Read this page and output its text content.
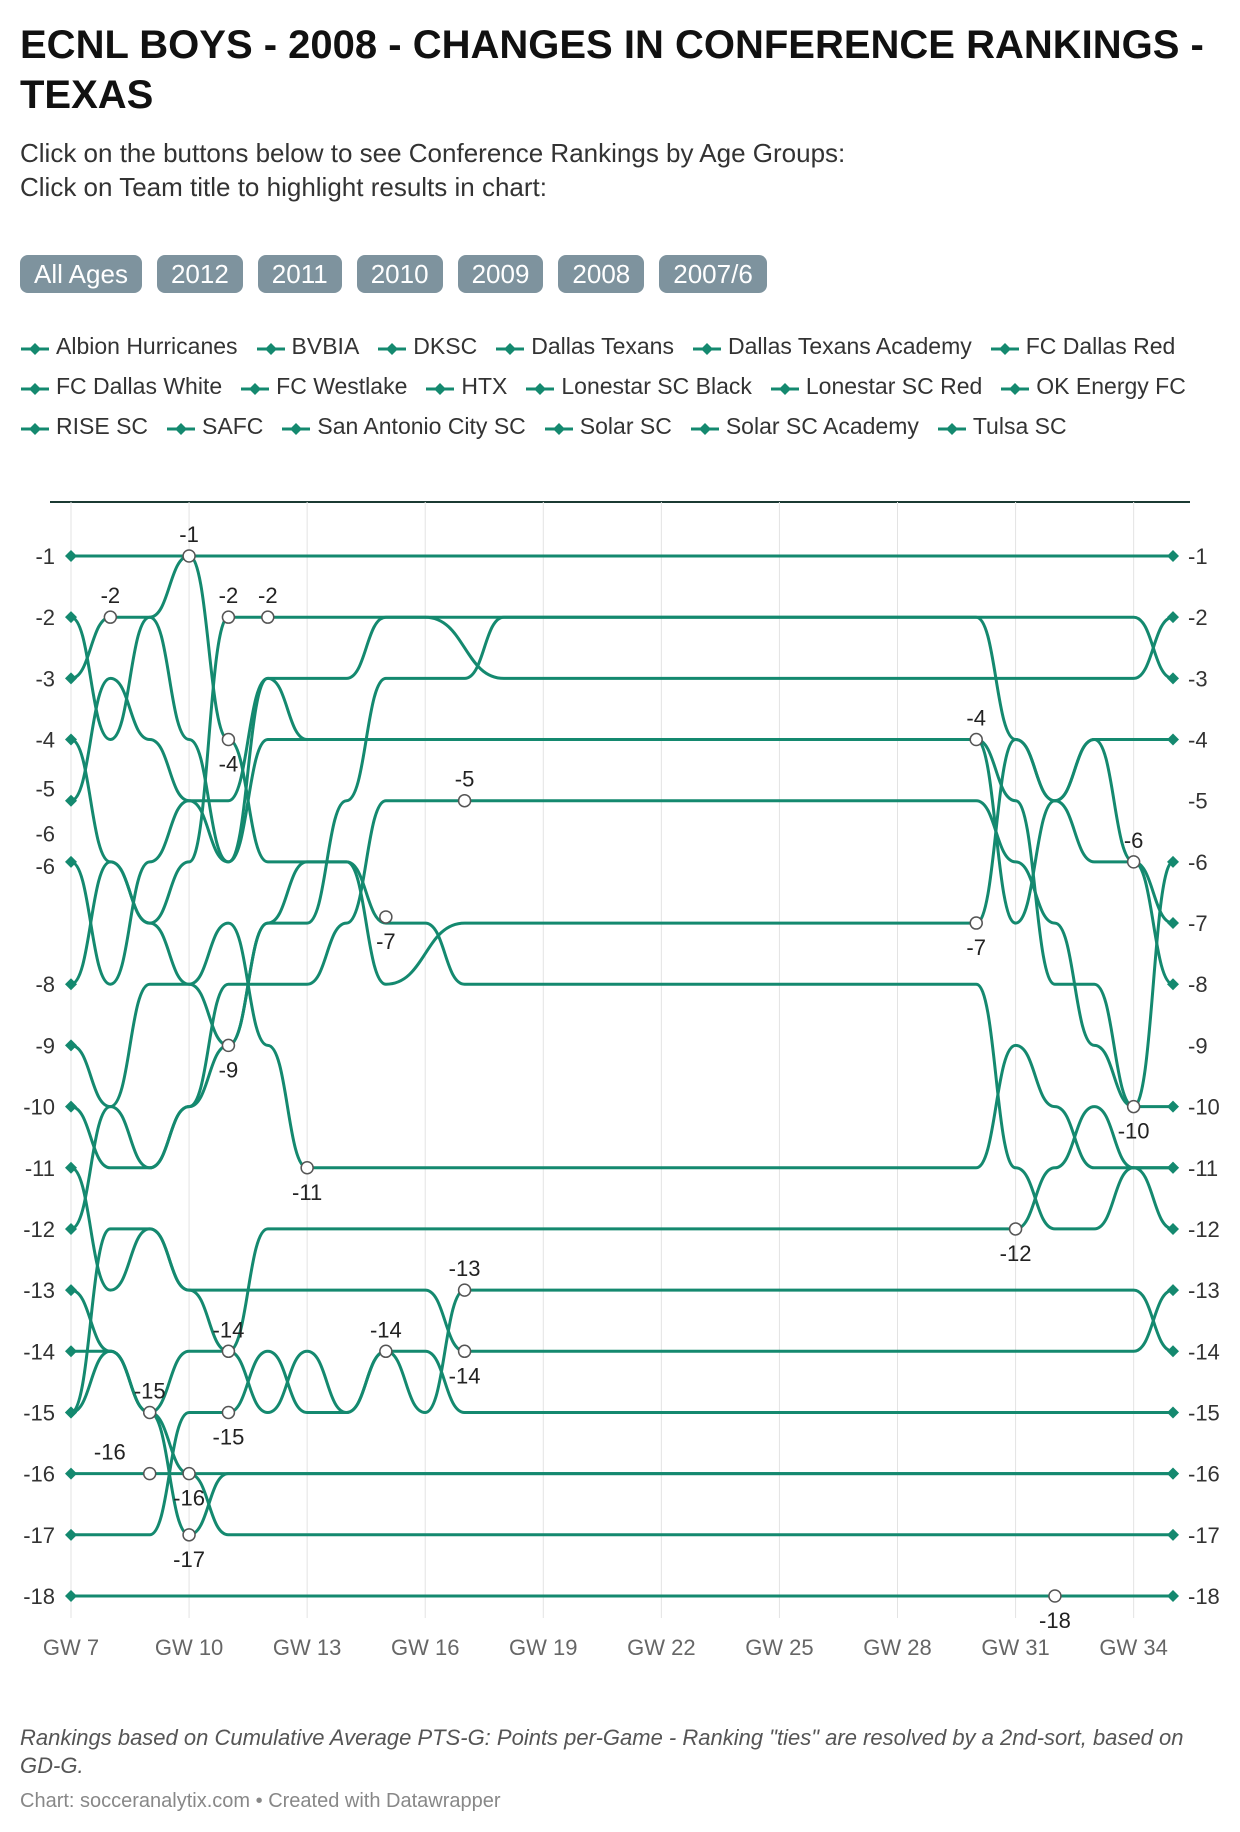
ECNL BOYS - 2008 - CHANGES IN CONFERENCE RANKINGS - TEXAS
Click on the buttons below to see Conference Rankings by Age Groups:
Click on Team title to highlight results in chart:
All Ages	2012	2011	2010	2009	2008	2007/6
Albion Hurricanes BVBIA DKSC Dallas Texans Dallas Texans Academy FC Dallas RedFC Dallas White FC Westlake HTX Lonestar SC Black Lonestar SC Red OK Energy FCRISE SC SAFC San Antonio City SC Solar SC Solar SC Academy Tulsa SC
GW 7	GW 10 GW 13 GW 16 GW 19 GW 22 GW 25 GW 28 GW 31 GW 34
-1
-2
-3
-4
-5
-6
-6
-8
-9
-10
-11
-12
-13
-14
-15
-16
-17
-18
-1
-2
-3
-4
-5
-6
-7
-8
-9
-10
-11
-12
-13
-14
-15
-16
-17
-18
-2
-1
-2 -2
-4
-5
-7
-9
-11
-13
-14	-14
-14
-15
-15
-16
-16
-17
-4
-7
-12
-6
-10
-18
Rankings based on Cumulative Average PTS-G: Points per-Game - Ranking "ties" are resolved by a 2nd-sort, based on GD-G.
Chart: socceranalytix.com • Created with Datawrapper
